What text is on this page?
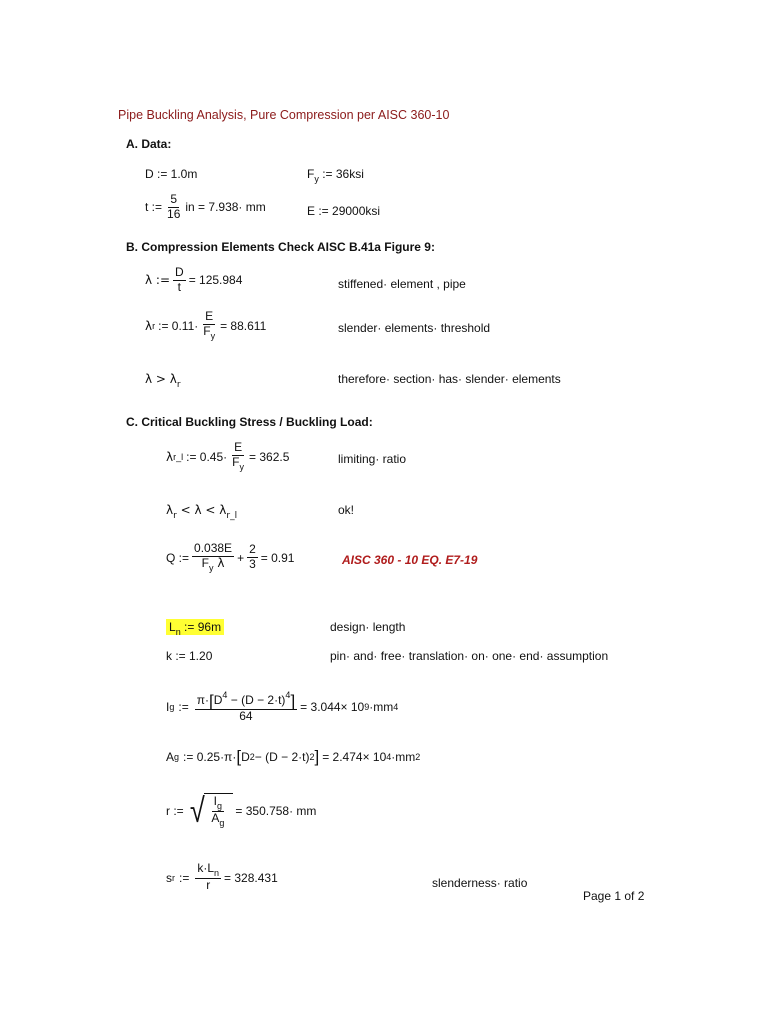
Pipe Buckling Analysis, Pure Compression per AISC 360-10
A. Data:
D := 1.0m	$F_y$ := 36ksi
t := $\frac{5}{16}$ in = 7.938· mm	E := 29000ksi
B. Compression Elements Check AISC B.41a Figure 9:
λ := $\frac{D}{t} = 125.984$	stiffened· element , pipe
λ r := $0.11\cdot \frac{E}{F_y} = 88.611$	slender· elements· threshold
$\lambda > \lambda_r$	therefore· section· has· slender· elements
C. Critical Buckling Stress / Buckling Load:
λ r_l := $0.45\cdot \frac{E}{F_y} = 362.5$	limiting· ratio
$\lambda_r < \lambda < \lambda_{r\_l}$	ok!
Q := $\frac{0.038E}{F_y \lambda} + \frac{2}{3} = 0.91$	AISC 360 - 10 EQ. E7-19
$L_n$ := 96m	design· length
k := 1.20	pin· and· free· translation· on· one· end· assumption
I g := $\frac{\pi\cdot[D^4 - (D - 2\cdot t)^4]}{64} = 3.044\times 10$ 9 ·mm 4
A g := 0.25·π· [ D 2 − (D − 2·t) 2 ] = 2.474× 10 4 ·mm 2
r := √ $\frac{I_g}{A_g} = 350.758\cdot$ mm
s r := $\frac{k\cdot L_n}{r} = 328.431$	slenderness· ratio
Page 1 of 2
